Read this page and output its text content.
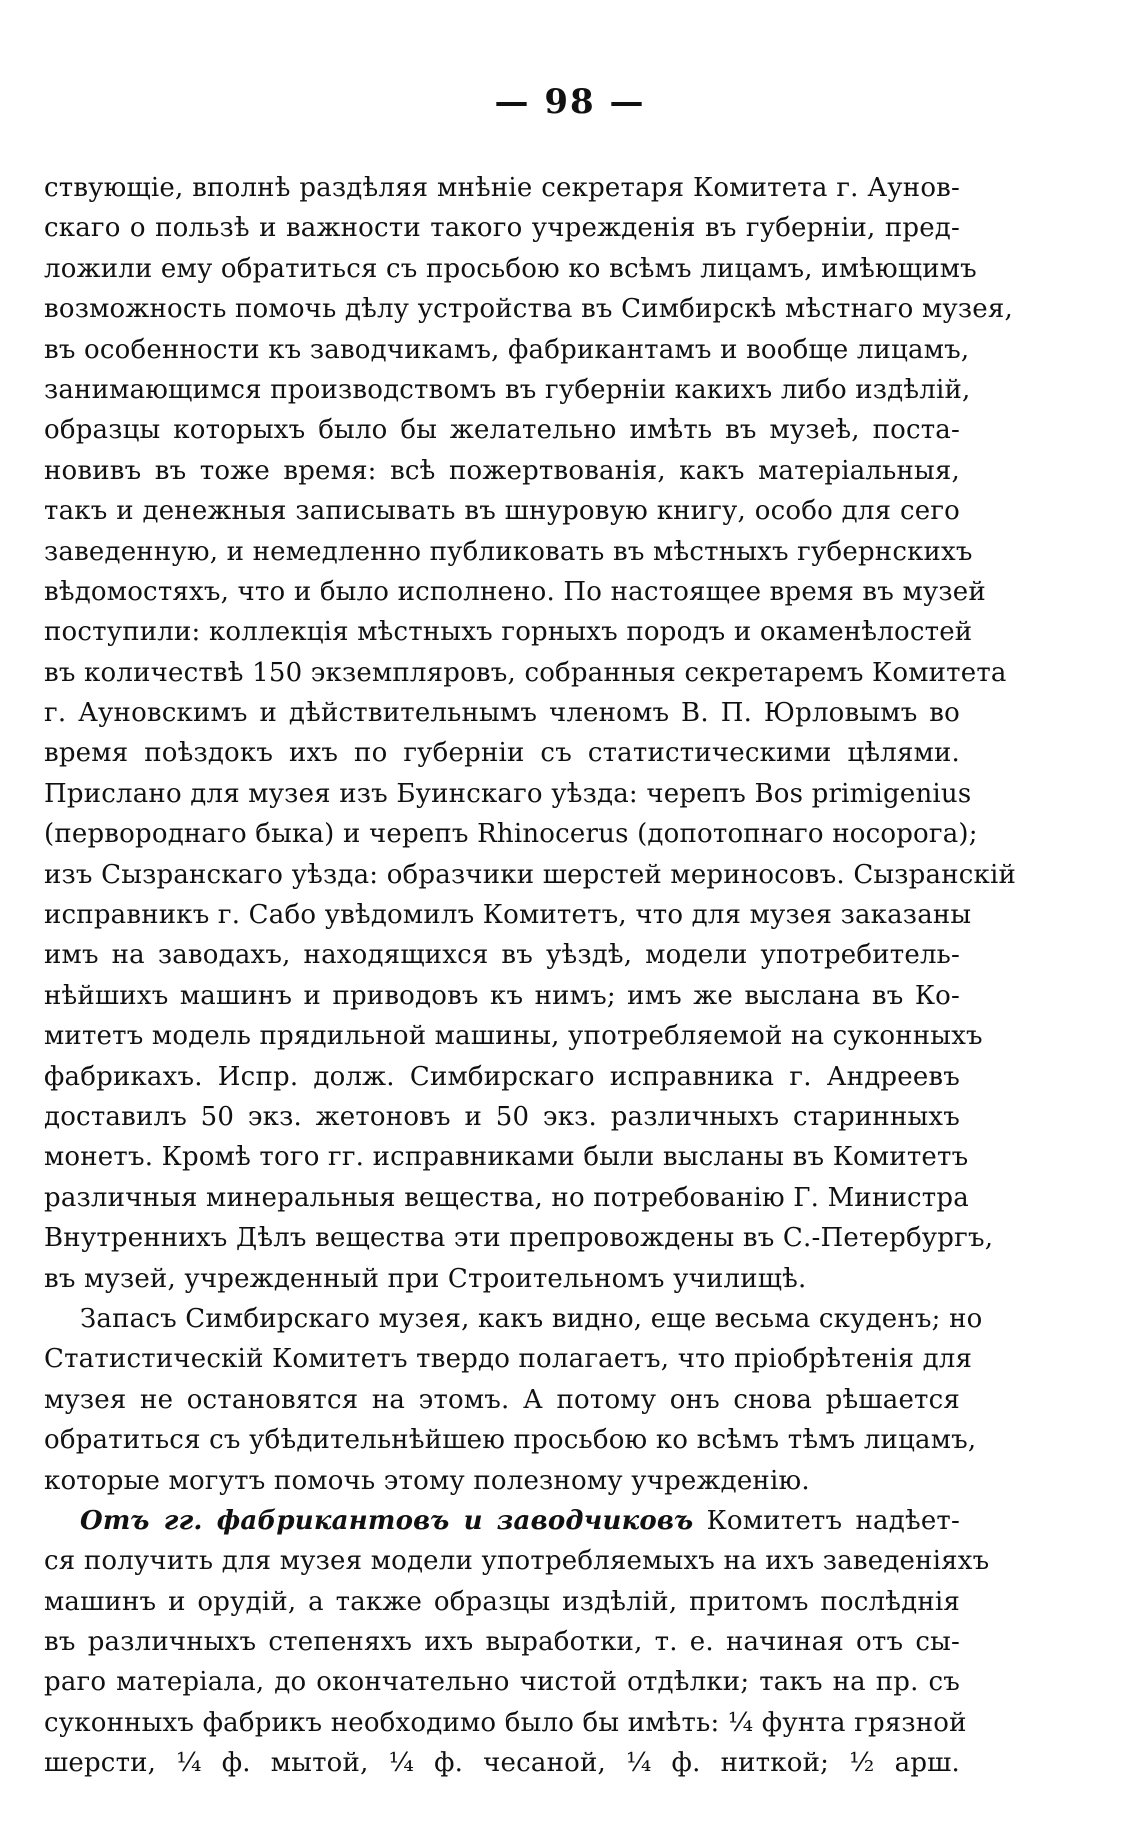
— 98 —
ствующіе, вполнѣ раздѣляя мнѣніе секретаря Комитета г. Аунов-
скаго о пользѣ и важности такого учрежденія въ губерніи, пред-
ложили ему обратиться съ просьбою ко всѣмъ лицамъ, имѣющимъ
возможность помочь дѣлу устройства въ Симбирскѣ мѣстнаго музея,
въ особенности къ заводчикамъ, фабрикантамъ и вообще лицамъ,
занимающимся производствомъ въ губерніи какихъ либо издѣлій,
образцы которыхъ было бы желательно имѣть въ музеѣ, поста-
новивъ въ тоже время: всѣ пожертвованія, какъ матеріальныя,
такъ и денежныя записывать въ шнуровую книгу, особо для сего
заведенную, и немедленно публиковать въ мѣстныхъ губернскихъ
вѣдомостяхъ, что и было исполнено. По настоящее время въ музей
поступили: коллекція мѣстныхъ горныхъ породъ и окаменѣлостей
въ количествѣ 150 экземпляровъ, собранныя секретаремъ Комитета
г. Ауновскимъ и дѣйствительнымъ членомъ В. П. Юрловымъ во
время поѣздокъ ихъ по губерніи съ статистическими цѣлями.
Прислано для музея изъ Буинскаго уѣзда: черепъ Bos primigenius
(первороднаго быка) и черепъ Rhinocerus (допотопнаго носорога);
изъ Сызранскаго уѣзда: образчики шерстей мериносовъ. Сызранскій
исправникъ г. Сабо увѣдомилъ Комитетъ, что для музея заказаны
имъ на заводахъ, находящихся въ уѣздѣ, модели употребитель-
нѣйшихъ машинъ и приводовъ къ нимъ; имъ же выслана въ Ко-
митетъ модель прядильной машины, употребляемой на суконныхъ
фабрикахъ. Испр. долж. Симбирскаго исправника г. Андреевъ
доставилъ 50 экз. жетоновъ и 50 экз. различныхъ старинныхъ
монетъ. Кромѣ того гг. исправниками были высланы въ Комитетъ
различныя минеральныя вещества, но потребованію Г. Министра
Внутреннихъ Дѣлъ вещества эти препровождены въ С.-Петербургъ,
въ музей, учрежденный при Строительномъ училищѣ.
Запасъ Симбирскаго музея, какъ видно, еще весьма скуденъ; но
Статистическій Комитетъ твердо полагаетъ, что пріобрѣтенія для
музея не остановятся на этомъ. А потому онъ снова рѣшается
обратиться съ убѣдительнѣйшею просьбою ко всѣмъ тѣмъ лицамъ,
которые могутъ помочь этому полезному учрежденію.
Отъ гг. фабрикантовъ и заводчиковъ Комитетъ надѣет-
ся получить для музея модели употребляемыхъ на ихъ заведеніяхъ
машинъ и орудій, а также образцы издѣлій, притомъ послѣднія
въ различныхъ степеняхъ ихъ выработки, т. е. начиная отъ сы-
раго матеріала, до окончательно чистой отдѣлки; такъ на пр. съ
суконныхъ фабрикъ необходимо было бы имѣть: ¼ фунта грязной
шерсти, ¼ ф. мытой, ¼ ф. чесаной, ¼ ф. ниткой; ½ арш.
